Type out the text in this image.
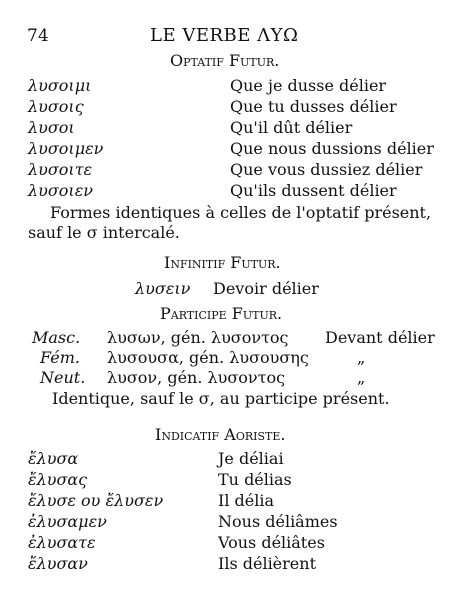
74	LE VERBE ΛΥΩ
Optatif Futur.
λυσοιμι	Que je dusse délier
λυσοις	Que tu dusses délier
λυσοι	Qu'il dût délier
λυσοιμεν	Que nous dussions délier
λυσοιτε	Que vous dussiez délier
λυσοιεν	Qu'ils dussent délier
Formes identiques à celles de l'optatif présent, sauf le σ intercalé.
Infinitif Futur.
λυσειν Devoir délier
Participe Futur.
Masc. λυσων, gén. λυσοντος Devant délier
Fém. λυσουσα, gén. λυσουσης	„
Neut. λυσον, gén. λυσοντος	„
Identique, sauf le σ, au participe présent.
Indicatif Aoriste.
ἔλυσα	Je déliai
ἔλυσας	Tu délias
ἔλυσε ου ἔλυσεν	Il délia
ἐλυσαμεν	Nous déliâmes
ἐλυσατε	Vous déliâtes
ἔλυσαν	Ils délièrent
